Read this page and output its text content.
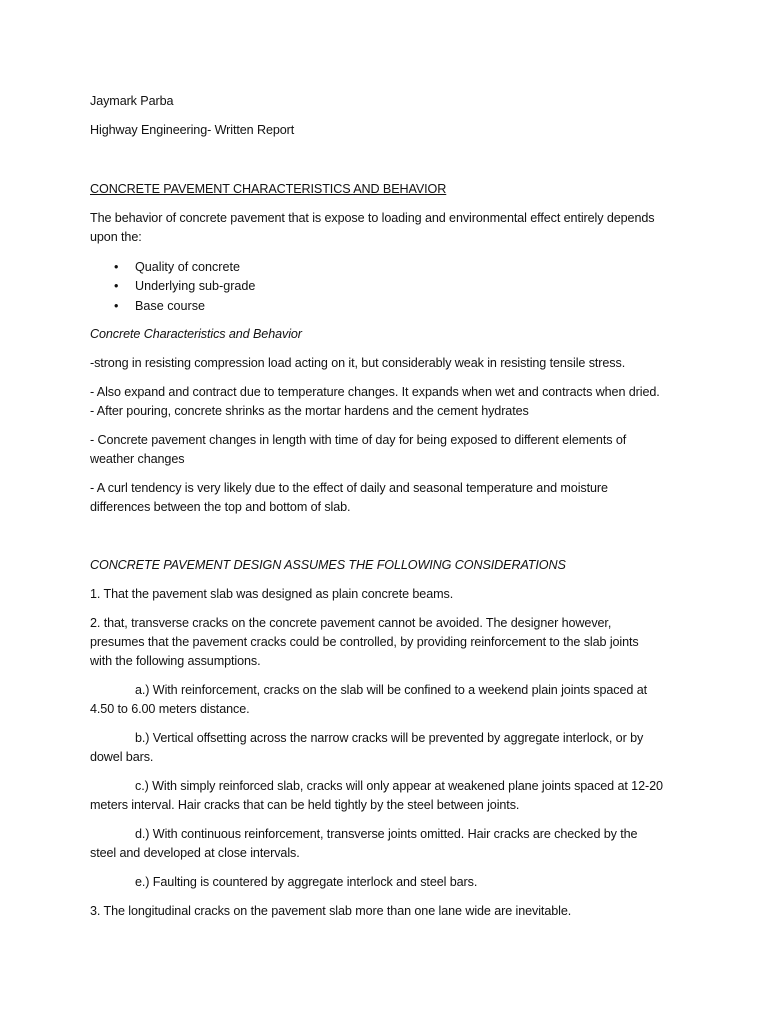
Jaymark Parba
Highway Engineering- Written Report
CONCRETE PAVEMENT CHARACTERISTICS AND BEHAVIOR
The behavior of concrete pavement that is expose to loading and environmental effect entirely depends
upon the:
• Quality of concrete
• Underlying sub-grade
• Base course
Concrete Characteristics and Behavior
-strong in resisting compression load acting on it, but considerably weak in resisting tensile stress.
- Also expand and contract due to temperature changes. It expands when wet and contracts when dried.
- After pouring, concrete shrinks as the mortar hardens and the cement hydrates
- Concrete pavement changes in length with time of day for being exposed to different elements of
weather changes
- A curl tendency is very likely due to the effect of daily and seasonal temperature and moisture
differences between the top and bottom of slab.
CONCRETE PAVEMENT DESIGN ASSUMES THE FOLLOWING CONSIDERATIONS
1. That the pavement slab was designed as plain concrete beams.
2. that, transverse cracks on the concrete pavement cannot be avoided. The designer however,
presumes that the pavement cracks could be controlled, by providing reinforcement to the slab joints
with the following assumptions.
a.) With reinforcement, cracks on the slab will be confined to a weekend plain joints spaced at
4.50 to 6.00 meters distance.
b.) Vertical offsetting across the narrow cracks will be prevented by aggregate interlock, or by
dowel bars.
c.) With simply reinforced slab, cracks will only appear at weakened plane joints spaced at 12-20
meters interval. Hair cracks that can be held tightly by the steel between joints.
d.) With continuous reinforcement, transverse joints omitted. Hair cracks are checked by the
steel and developed at close intervals.
e.) Faulting is countered by aggregate interlock and steel bars.
3. The longitudinal cracks on the pavement slab more than one lane wide are inevitable.
